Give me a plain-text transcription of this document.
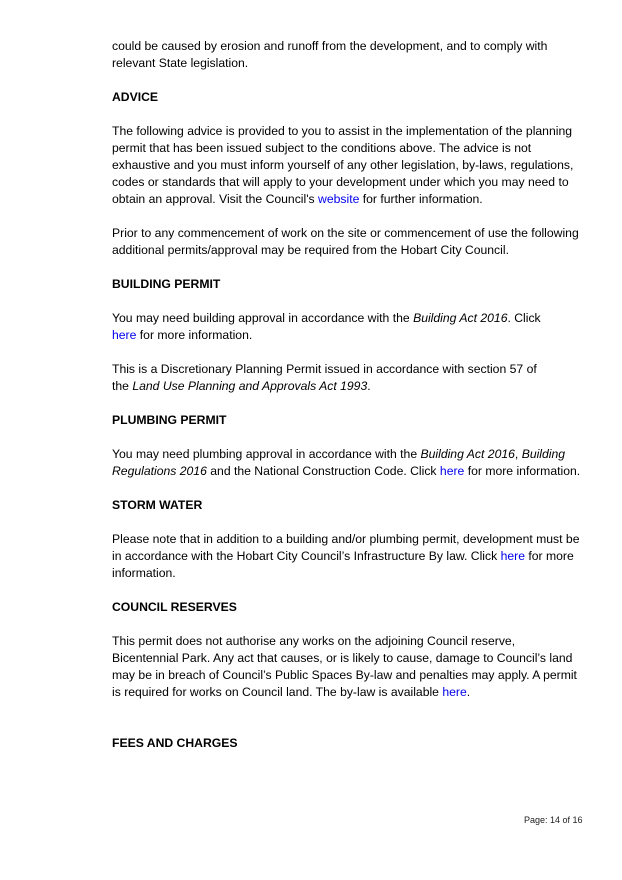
could be caused by erosion and runoff from the development, and to comply with
relevant State legislation.

ADVICE

The following advice is provided to you to assist in the implementation of the planning permit that has been issued subject to the conditions above. The advice is not exhaustive and you must inform yourself of any other legislation, by-laws, regulations, codes or standards that will apply to your development under which you may need to obtain an approval. Visit the Council's website for further information.

Prior to any commencement of work on the site or commencement of use the following additional permits/approval may be required from the Hobart City Council.

BUILDING PERMIT

You may need building approval in accordance with the Building Act 2016. Click
here for more information.

This is a Discretionary Planning Permit issued in accordance with section 57 of
the Land Use Planning and Approvals Act 1993.

PLUMBING PERMIT

You may need plumbing approval in accordance with the Building Act 2016, Building Regulations 2016 and the National Construction Code. Click here for more information.

STORM WATER

Please note that in addition to a building and/or plumbing permit, development must be in accordance with the Hobart City Council’s Infrastructure By law. Click here for more information.

COUNCIL RESERVES

This permit does not authorise any works on the adjoining Council reserve, Bicentennial Park. Any act that causes, or is likely to cause, damage to Council’s land may be in breach of Council’s Public Spaces By-law and penalties may apply. A permit is required for works on Council land. The by-law is available here.

FEES AND CHARGES
Page: 14 of 16
